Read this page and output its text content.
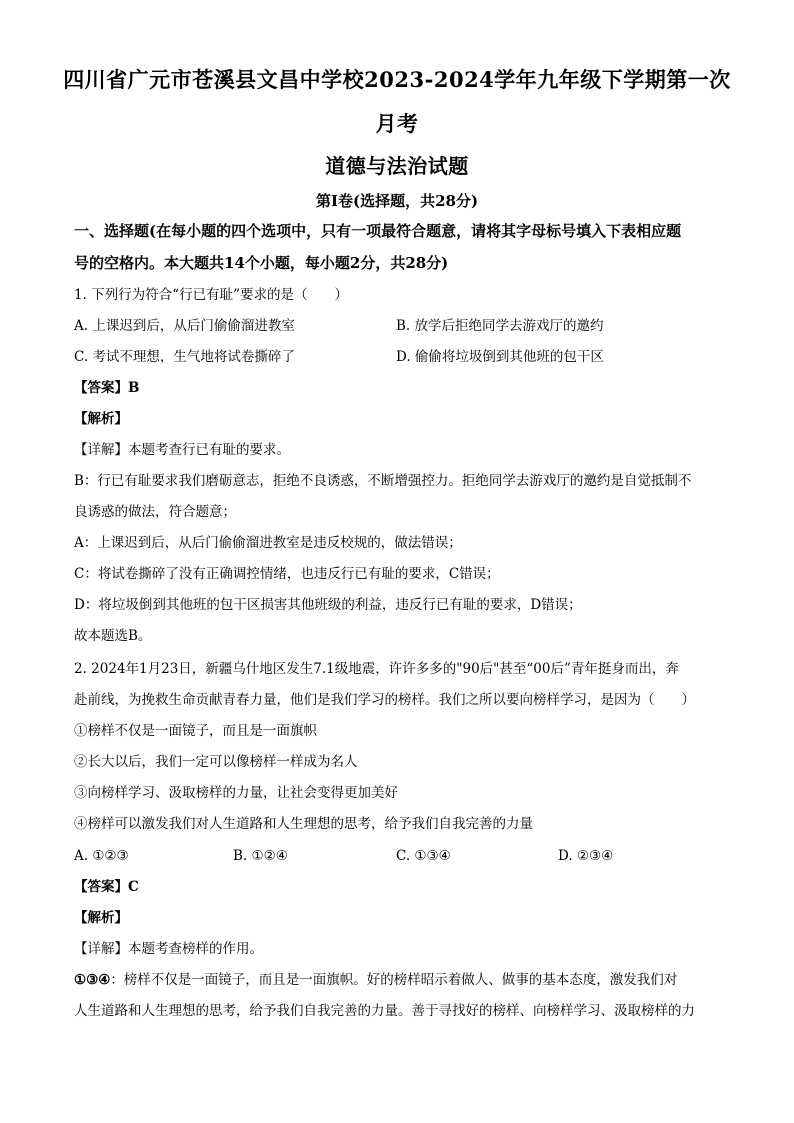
四川省广元市苍溪县文昌中学校2023-2024学年九年级下学期第一次
月考
道德与法治试题
第Ⅰ卷(选择题，共28分)
一、选择题(在每小题的四个选项中，只有一项最符合题意，请将其字母标号填入下表相应题
号的空格内。本大题共14个小题，每小题2分，共28分)
1. 下列行为符合“行已有耻”要求的是（　　）
A. 上课迟到后，从后门偷偷溜进教室	B. 放学后拒绝同学去游戏厅的邀约
C. 考试不理想，生气地将试卷撕碎了	D. 偷偷将垃圾倒到其他班的包干区
【答案】B
【解析】
【详解】本题考查行已有耻的要求。
B：行已有耻要求我们磨砺意志，拒绝不良诱惑，不断增强控力。拒绝同学去游戏厅的邀约是自觉抵制不
良诱惑的做法，符合题意；
A：上课迟到后，从后门偷偷溜进教室是违反校规的，做法错误；
C：将试卷撕碎了没有正确调控情绪，也违反行已有耻的要求，C错误；
D：将垃圾倒到其他班的包干区损害其他班级的利益，违反行已有耻的要求，D错误；
故本题选B。
2. 2024年1月23日，新疆乌什地区发生7.1级地震，许许多多的"90后"甚至“00后”青年挺身而出，奔
赴前线，为挽救生命贡献青春力量，他们是我们学习的榜样。我们之所以要向榜样学习，是因为（　　）
①榜样不仅是一面镜子，而且是一面旗帜
②长大以后，我们一定可以像榜样一样成为名人
③向榜样学习、汲取榜样的力量，让社会变得更加美好
④榜样可以激发我们对人生道路和人生理想的思考，给予我们自我完善的力量
A. ①②③	B. ①②④	C. ①③④	D. ②③④
【答案】C
【解析】
【详解】本题考查榜样的作用。
①③④：榜样不仅是一面镜子，而且是一面旗帜。好的榜样昭示着做人、做事的基本态度，激发我们对
人生道路和人生理想的思考，给予我们自我完善的力量。善于寻找好的榜样、向榜样学习、汲取榜样的力
